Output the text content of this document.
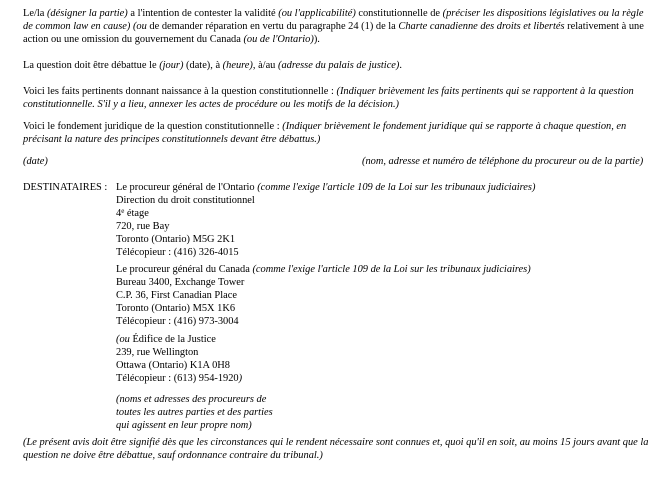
Le/la (désigner la partie) a l'intention de contester la validité (ou l'applicabilité) constitutionnelle de (préciser les dispositions législatives ou la règle de common law en cause) (ou de demander réparation en vertu du paragraphe 24 (1) de la Charte canadienne des droits et libertés relativement à une action ou une omission du gouvernement du Canada (ou de l'Ontario)).

La question doit être débattue le (jour) (date), à (heure), à/au (adresse du palais de justice).

Voici les faits pertinents donnant naissance à la question constitutionnelle : (Indiquer brièvement les faits pertinents qui se rapportent à la question constitutionnelle. S'il y a lieu, annexer les actes de procédure ou les motifs de la décision.)

Voici le fondement juridique de la question constitutionnelle : (Indiquer brièvement le fondement juridique qui se rapporte à chaque question, en précisant la nature des principes constitutionnels devant être débattus.)

(date)	(nom, adresse et numéro de téléphone du procureur ou de la partie)
DESTINATAIRES : Le procureur général de l'Ontario (comme l'exige l'article 109 de la Loi sur les tribunaux judiciaires)
Direction du droit constitutionnel
4e étage
720, rue Bay
Toronto (Ontario) M5G 2K1
Télécopieur : (416) 326-4015
Le procureur général du Canada (comme l'exige l'article 109 de la Loi sur les tribunaux judiciaires)
Bureau 3400, Exchange Tower
C.P. 36, First Canadian Place
Toronto (Ontario) M5X 1K6
Télécopieur : (416) 973-3004
(ou Édifice de la Justice
239, rue Wellington
Ottawa (Ontario) K1A 0H8
Télécopieur : (613) 954-1920)
(noms et adresses des procureurs de
toutes les autres parties et des parties
qui agissent en leur propre nom)

(Le présent avis doit être signifié dès que les circonstances qui le rendent nécessaire sont connues et, quoi qu'il en soit, au moins 15 jours avant que la question ne doive être débattue, sauf ordonnance contraire du tribunal.)
